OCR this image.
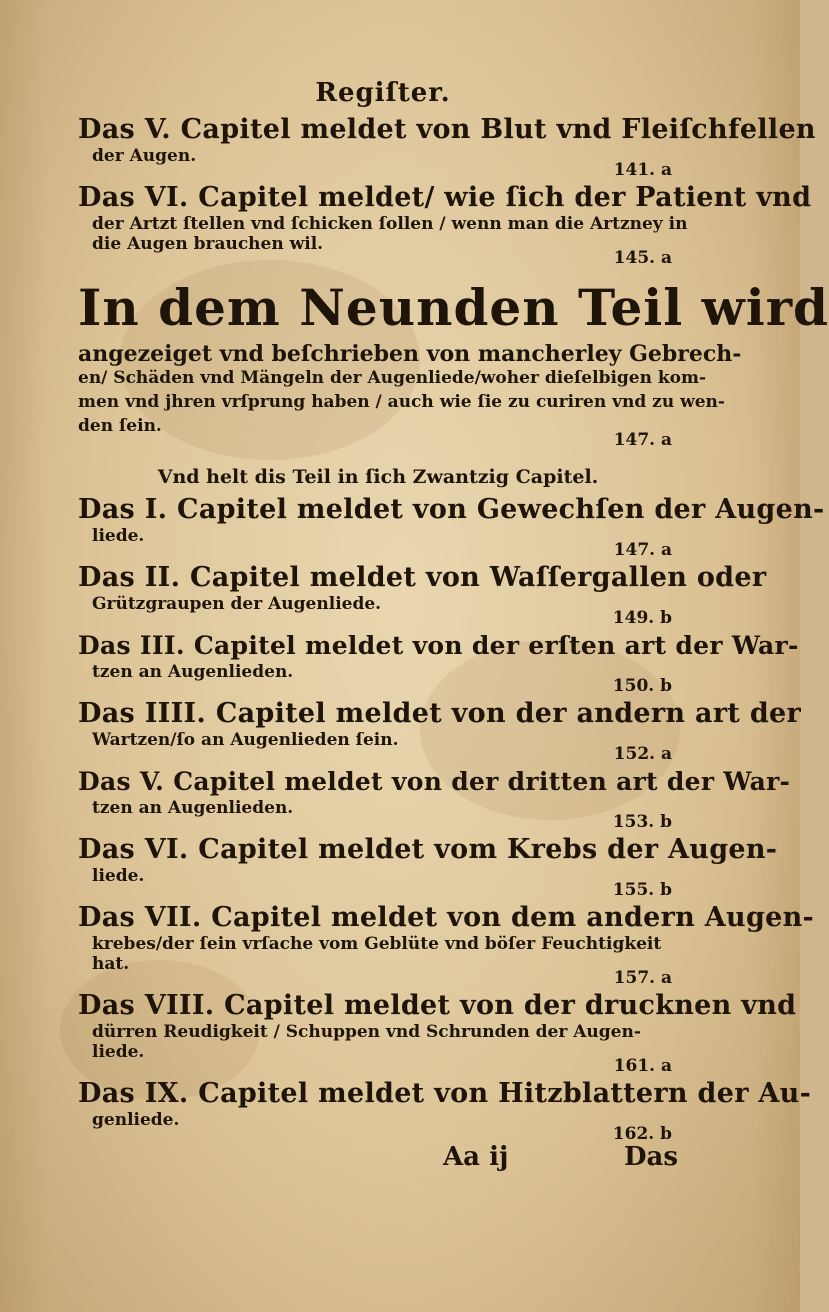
Regiſter.
Das V. Capitel meldet von Blut vnd Fleiſchfellen
der Augen.
141. a
Das VI. Capitel meldet/ wie ſich der Patient vnd
der Artzt ſtellen vnd ſchicken ſollen / wenn man die Artzney in
die Augen brauchen wil.
145. a
In dem Neunden Teil wird
angezeiget vnd beſchrieben von mancherley Gebrech-
en/ Schäden vnd Mängeln der Augenliede/woher dieſelbigen kom-
men vnd jhren vrſprung haben / auch wie ſie zu curiren vnd zu wen-
den ſein.
147. a
Vnd helt dis Teil in ſich Zwantzig Capitel.
Das I. Capitel meldet von Gewechſen der Augen-
liede.
147. a
Das II. Capitel meldet von Waſſergallen oder
Grützgraupen der Augenliede.
149. b
Das III. Capitel meldet von der erſten art der War-
tzen an Augenlieden.
150. b
Das IIII. Capitel meldet von der andern art der
Wartzen/ſo an Augenlieden ſein.
152. a
Das V. Capitel meldet von der dritten art der War-
tzen an Augenlieden.
153. b
Das VI. Capitel meldet vom Krebs der Augen-
liede.
155. b
Das VII. Capitel meldet von dem andern Augen-
krebes/der ſein vrſache vom Geblüte vnd böſer Feuchtigkeit
hat.
157. a
Das VIII. Capitel meldet von der drucknen vnd
dürren Reudigkeit / Schuppen vnd Schrunden der Augen-
liede.
161. a
Das IX. Capitel meldet von Hitzblattern der Au-
genliede.
162. b
Aa ij	Das
